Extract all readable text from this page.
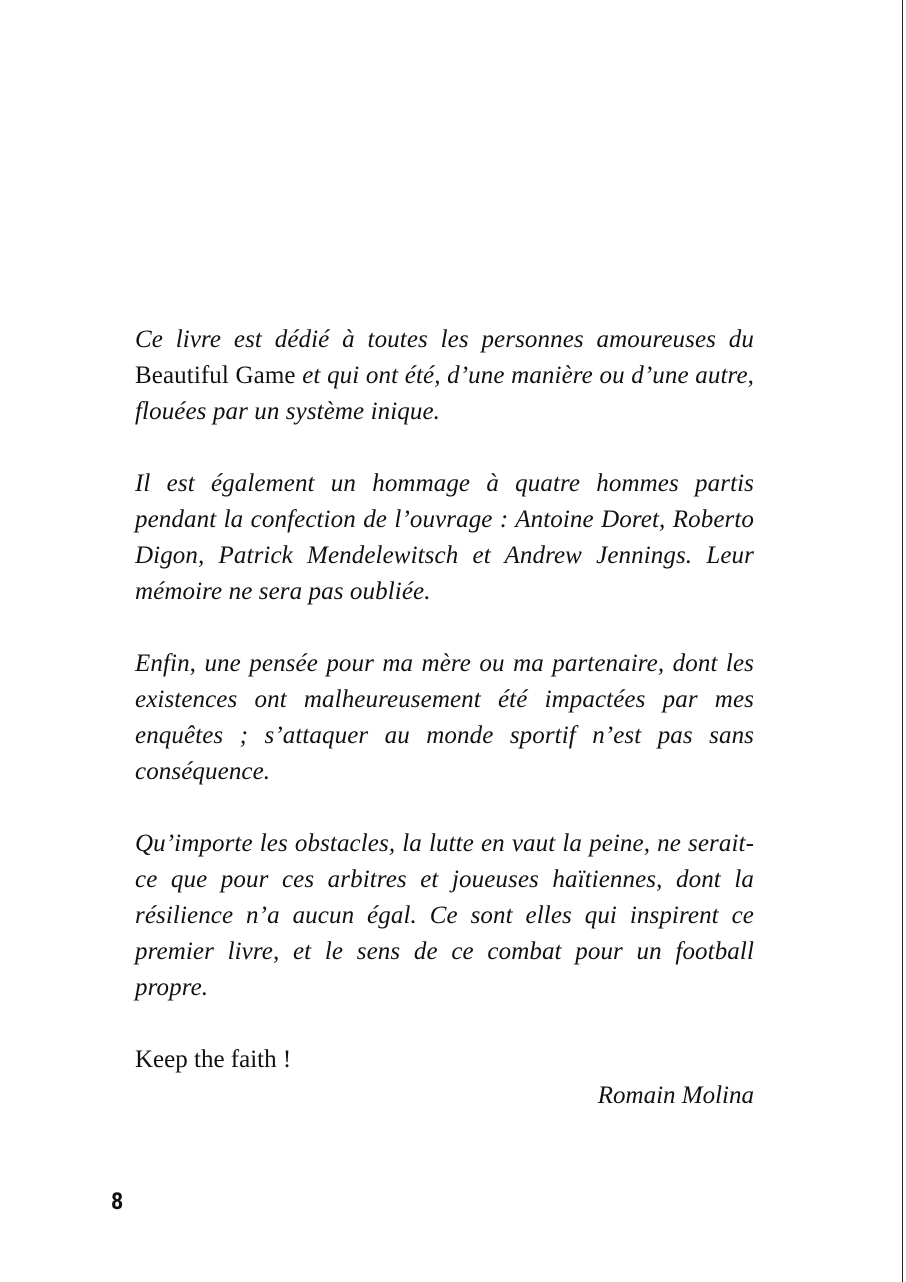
Ce livre est dédié à toutes les personnes amoureuses du Beautiful Game et qui ont été, d’une manière ou d’une autre, flouées par un système inique.

Il est également un hommage à quatre hommes partis pendant la confection de l’ouvrage : Antoine Doret, Roberto Digon, Patrick Mendelewitsch et Andrew Jennings. Leur mémoire ne sera pas oubliée.

Enfin, une pensée pour ma mère ou ma partenaire, dont les existences ont malheureusement été impactées par mes enquêtes ; s’attaquer au monde sportif n’est pas sans conséquence.

Qu’importe les obstacles, la lutte en vaut la peine, ne serait-ce que pour ces arbitres et joueuses haïtiennes, dont la résilience n’a aucun égal. Ce sont elles qui inspirent ce premier livre, et le sens de ce combat pour un football propre.

Keep the faith !

Romain Molina

8
